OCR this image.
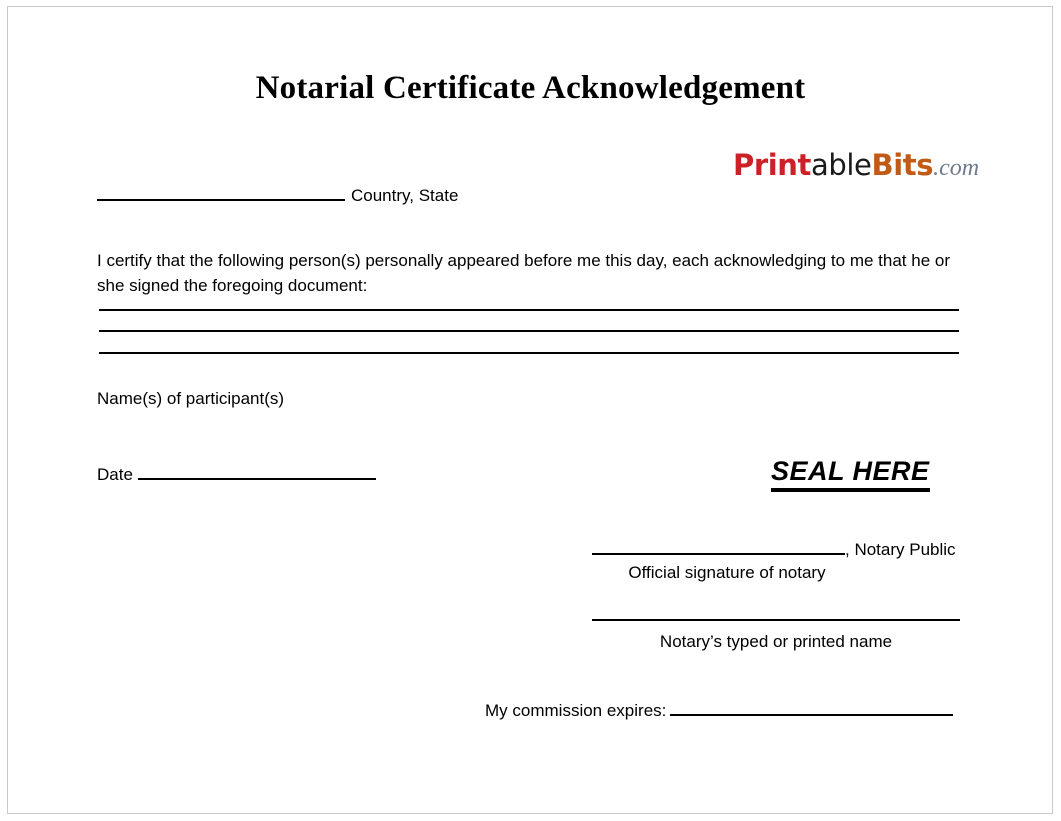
Notarial Certificate Acknowledgement
PrintableBits.com
Country, State
I certify that the following person(s) personally appeared before me this day, each acknowledging to me that he or she signed the foregoing document:
Name(s) of participant(s)
Date	SEAL HERE
, Notary Public
Official signature of notary
Notary’s typed or printed name
My commission expires:
